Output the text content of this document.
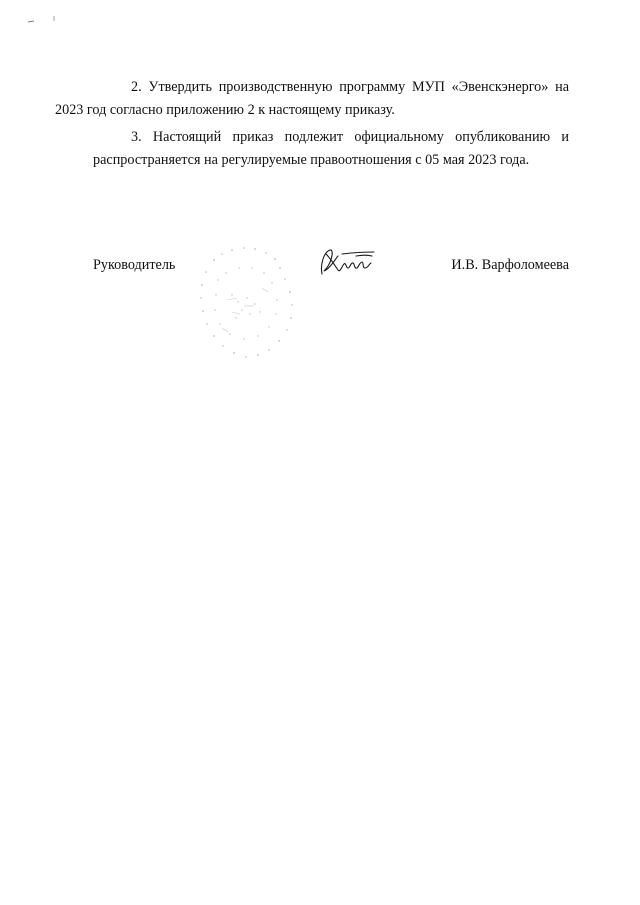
2. Утвердить производственную программу МУП «Эвенскэнерго» на
2023 год согласно приложению 2 к настоящему приказу.

3. Настоящий приказ подлежит официальному опубликованию и
распространяется на регулируемые правоотношения с 05 мая 2023 года.

Руководитель	И.В. Варфоломеева
